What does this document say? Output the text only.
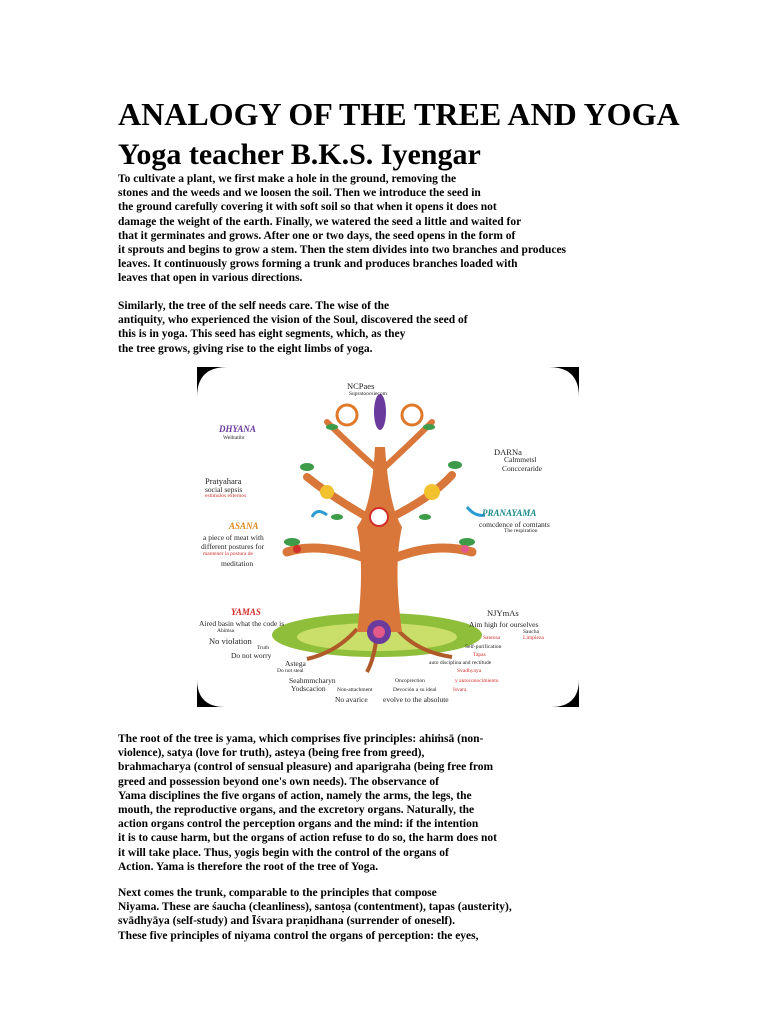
ANALOGY OF THE TREE AND YOGA
Yoga teacher B.K.S. Iyengar
To cultivate a plant, we first make a hole in the ground, removing the
stones and the weeds and we loosen the soil. Then we introduce the seed in
the ground carefully covering it with soft soil so that when it opens it does not
damage the weight of the earth. Finally, we watered the seed a little and waited for
that it germinates and grows. After one or two days, the seed opens in the form of
it sprouts and begins to grow a stem. Then the stem divides into two branches and produces
leaves. It continuously grows forming a trunk and produces branches loaded with
leaves that open in various directions.
Similarly, the tree of the self needs care. The wise of the
antiquity, who experienced the vision of the Soul, discovered the seed of
this is in yoga. This seed has eight segments, which, as they
the tree grows, giving rise to the eight limbs of yoga.
NCPaes
Supratoocsiecom
DHYANA
Welltatibr
DARNa
Calmmetsl
Concceraride
Pratyahara
social sepsis
estimulos externos
PRANAYAMA
comcdence of comtants
The respiration
ASANA
a piece of meat with
different postures for
mantener la postura de
meditation
YAMAS
Aired basin what the code is
Ahimsa
No violation
Truth
Do not worry
Astega
Do not steal
Seahmmcharyn
Yodscacion Non-attachment
No avarice
NJYmAs
Aim high for ourselves
Saucha
Santosa	Limpieza
Self-purification
Tapas
auto disciplina and rectitude
Svadhyaya
Oncoprection	y autoconocimiento
Devoción a su ideal	Isvara
evolve to the absolute
The root of the tree is yama, which comprises five principles: ahiṁsā (non-
violence), satya (love for truth), asteya (being free from greed),
brahmacharya (control of sensual pleasure) and aparigraha (being free from
greed and possession beyond one's own needs). The observance of
Yama disciplines the five organs of action, namely the arms, the legs, the
mouth, the reproductive organs, and the excretory organs. Naturally, the
action organs control the perception organs and the mind: if the intention
it is to cause harm, but the organs of action refuse to do so, the harm does not
it will take place. Thus, yogis begin with the control of the organs of
Action. Yama is therefore the root of the tree of Yoga.
Next comes the trunk, comparable to the principles that compose
Niyama. These are śaucha (cleanliness), santoṣa (contentment), tapas (austerity),
svādhyāya (self-study) and Īśvara praṇidhana (surrender of oneself).
These five principles of niyama control the organs of perception: the eyes,
